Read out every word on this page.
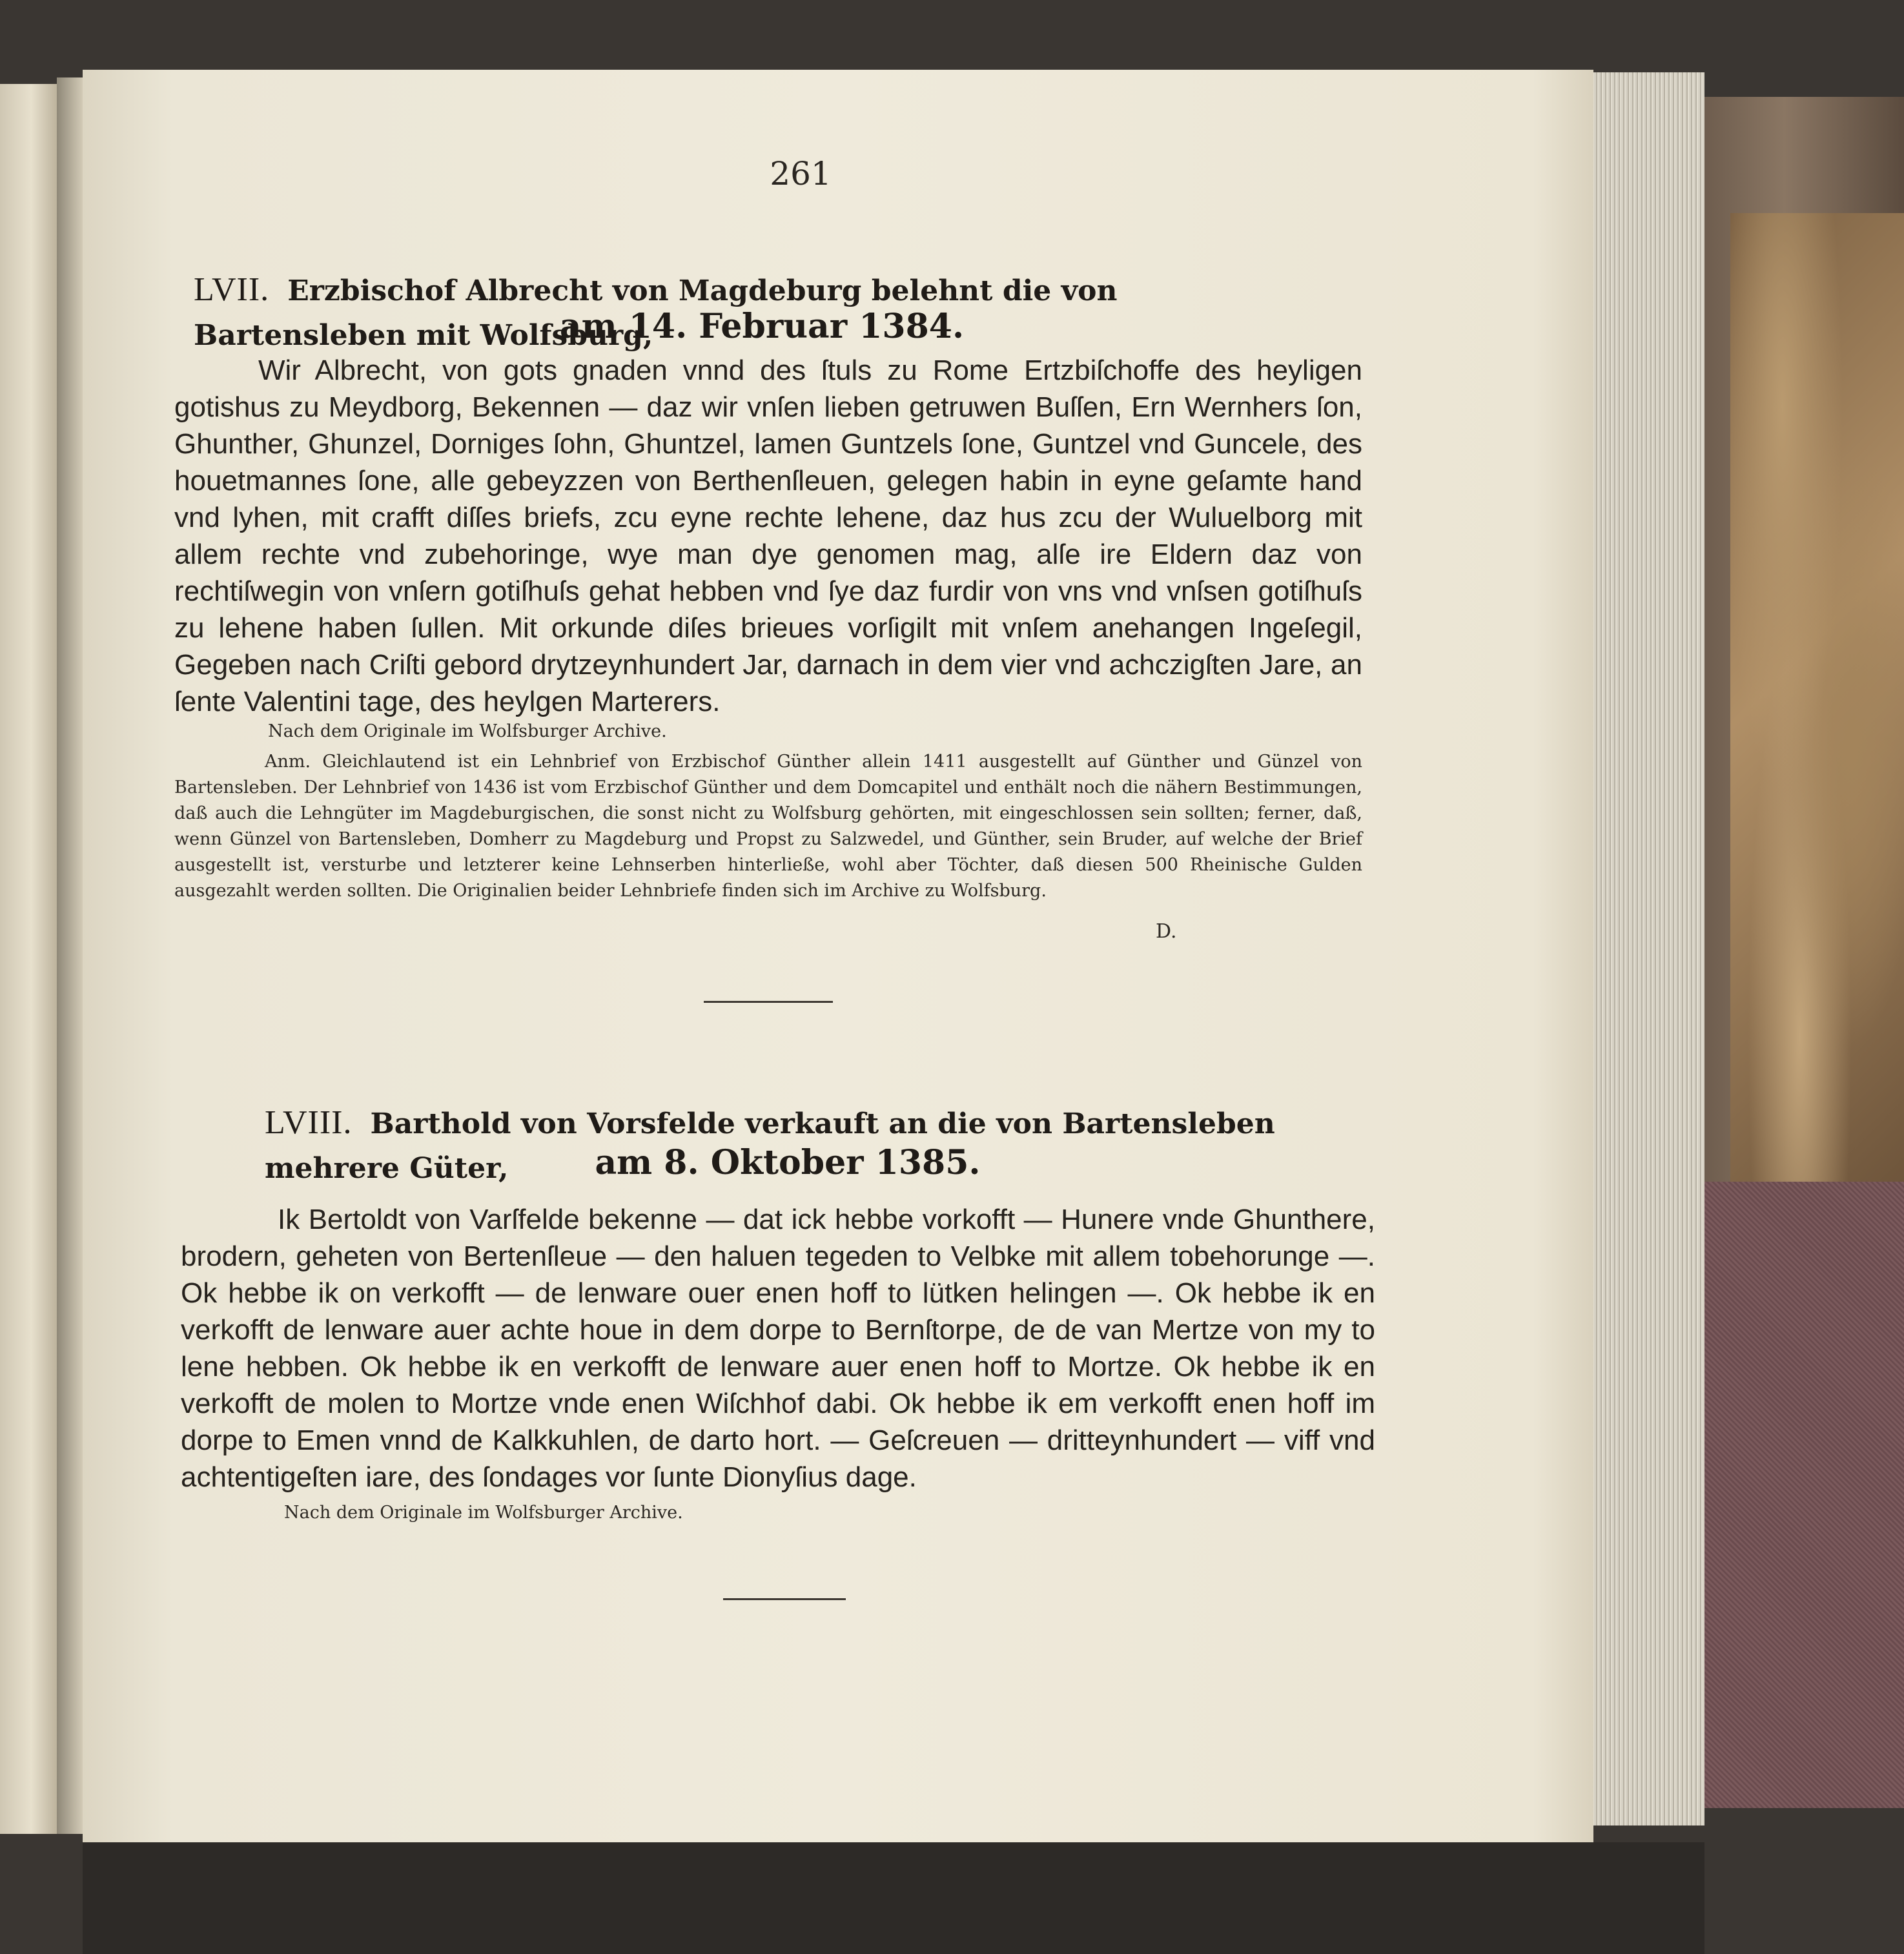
261
LVII. Erzbischof Albrecht von Magdeburg belehnt die von Bartensleben mit Wolfsburg,
am 14. Februar 1384.
Wir Albrecht, von gots gnaden vnnd des ſtuls zu Rome Ertzbiſchoffe des heyligen gotishus zu Meydborg, Bekennen — daz wir vnſen lieben getruwen Buſſen, Ern Wernhers ſon, Ghunther, Ghunzel, Dorniges ſohn, Ghuntzel, lamen Guntzels ſone, Guntzel vnd Guncele, des houetmannes ſone, alle gebeyzzen von Berthenſleuen, gelegen habin in eyne geſamte hand vnd lyhen, mit crafft diſſes briefs, zcu eyne rechte lehene, daz hus zcu der Wuluelborg mit allem rechte vnd zubehoringe, wye man dye genomen mag, alſe ire Eldern daz von rechtiſwegin von vnſern gotiſhuſs gehat hebben vnd ſye daz furdir von vns vnd vnſsen gotiſhuſs zu lehene haben ſullen. Mit orkunde diſes brieues vorſigilt mit vnſem anehangen Ingeſegil, Gegeben nach Criſti gebord drytzeynhundert Jar, darnach in dem vier vnd achczigſten Jare, an ſente Valentini tage, des heylgen Marterers.
Nach dem Originale im Wolfsburger Archive.
Anm. Gleichlautend ist ein Lehnbrief von Erzbischof Günther allein 1411 ausgestellt auf Günther und Günzel von Bartensleben. Der Lehnbrief von 1436 ist vom Erzbischof Günther und dem Domcapitel und enthält noch die nähern Bestimmungen, daß auch die Lehngüter im Magdeburgischen, die sonst nicht zu Wolfsburg gehörten, mit eingeschlossen sein sollten; ferner, daß, wenn Günzel von Bartensleben, Domherr zu Magdeburg und Propst zu Salzwedel, und Günther, sein Bruder, auf welche der Brief ausgestellt ist, versturbe und letzterer keine Lehnserben hinterließe, wohl aber Töchter, daß diesen 500 Rheinische Gulden ausgezahlt werden sollten. Die Originalien beider Lehnbriefe finden sich im Archive zu Wolfsburg.
D.
LVIII. Barthold von Vorsfelde verkauft an die von Bartensleben mehrere Güter,	am 8. Oktober 1385.
Ik Bertoldt von Varſfelde bekenne — dat ick hebbe vorkofft — Hunere vnde Ghunthere, brodern, geheten von Bertenſleue — den haluen tegeden to Velbke mit allem tobehorunge —. Ok hebbe ik on verkofft — de lenware ouer enen hoff to lütken helingen —. Ok hebbe ik en verkofft de lenware auer achte houe in dem dorpe to Bernſtorpe, de de van Mertze von my to lene hebben. Ok hebbe ik en verkofft de lenware auer enen hoff to Mortze. Ok hebbe ik en verkofft de molen to Mortze vnde enen Wiſchhof dabi. Ok hebbe ik em verkofft enen hoff im dorpe to Emen vnnd de Kalkkuhlen, de darto hort. — Geſcreuen — dritteynhundert — viff vnd achtentigeſten iare, des ſondages vor ſunte Dionyſius dage.
Nach dem Originale im Wolfsburger Archive.
